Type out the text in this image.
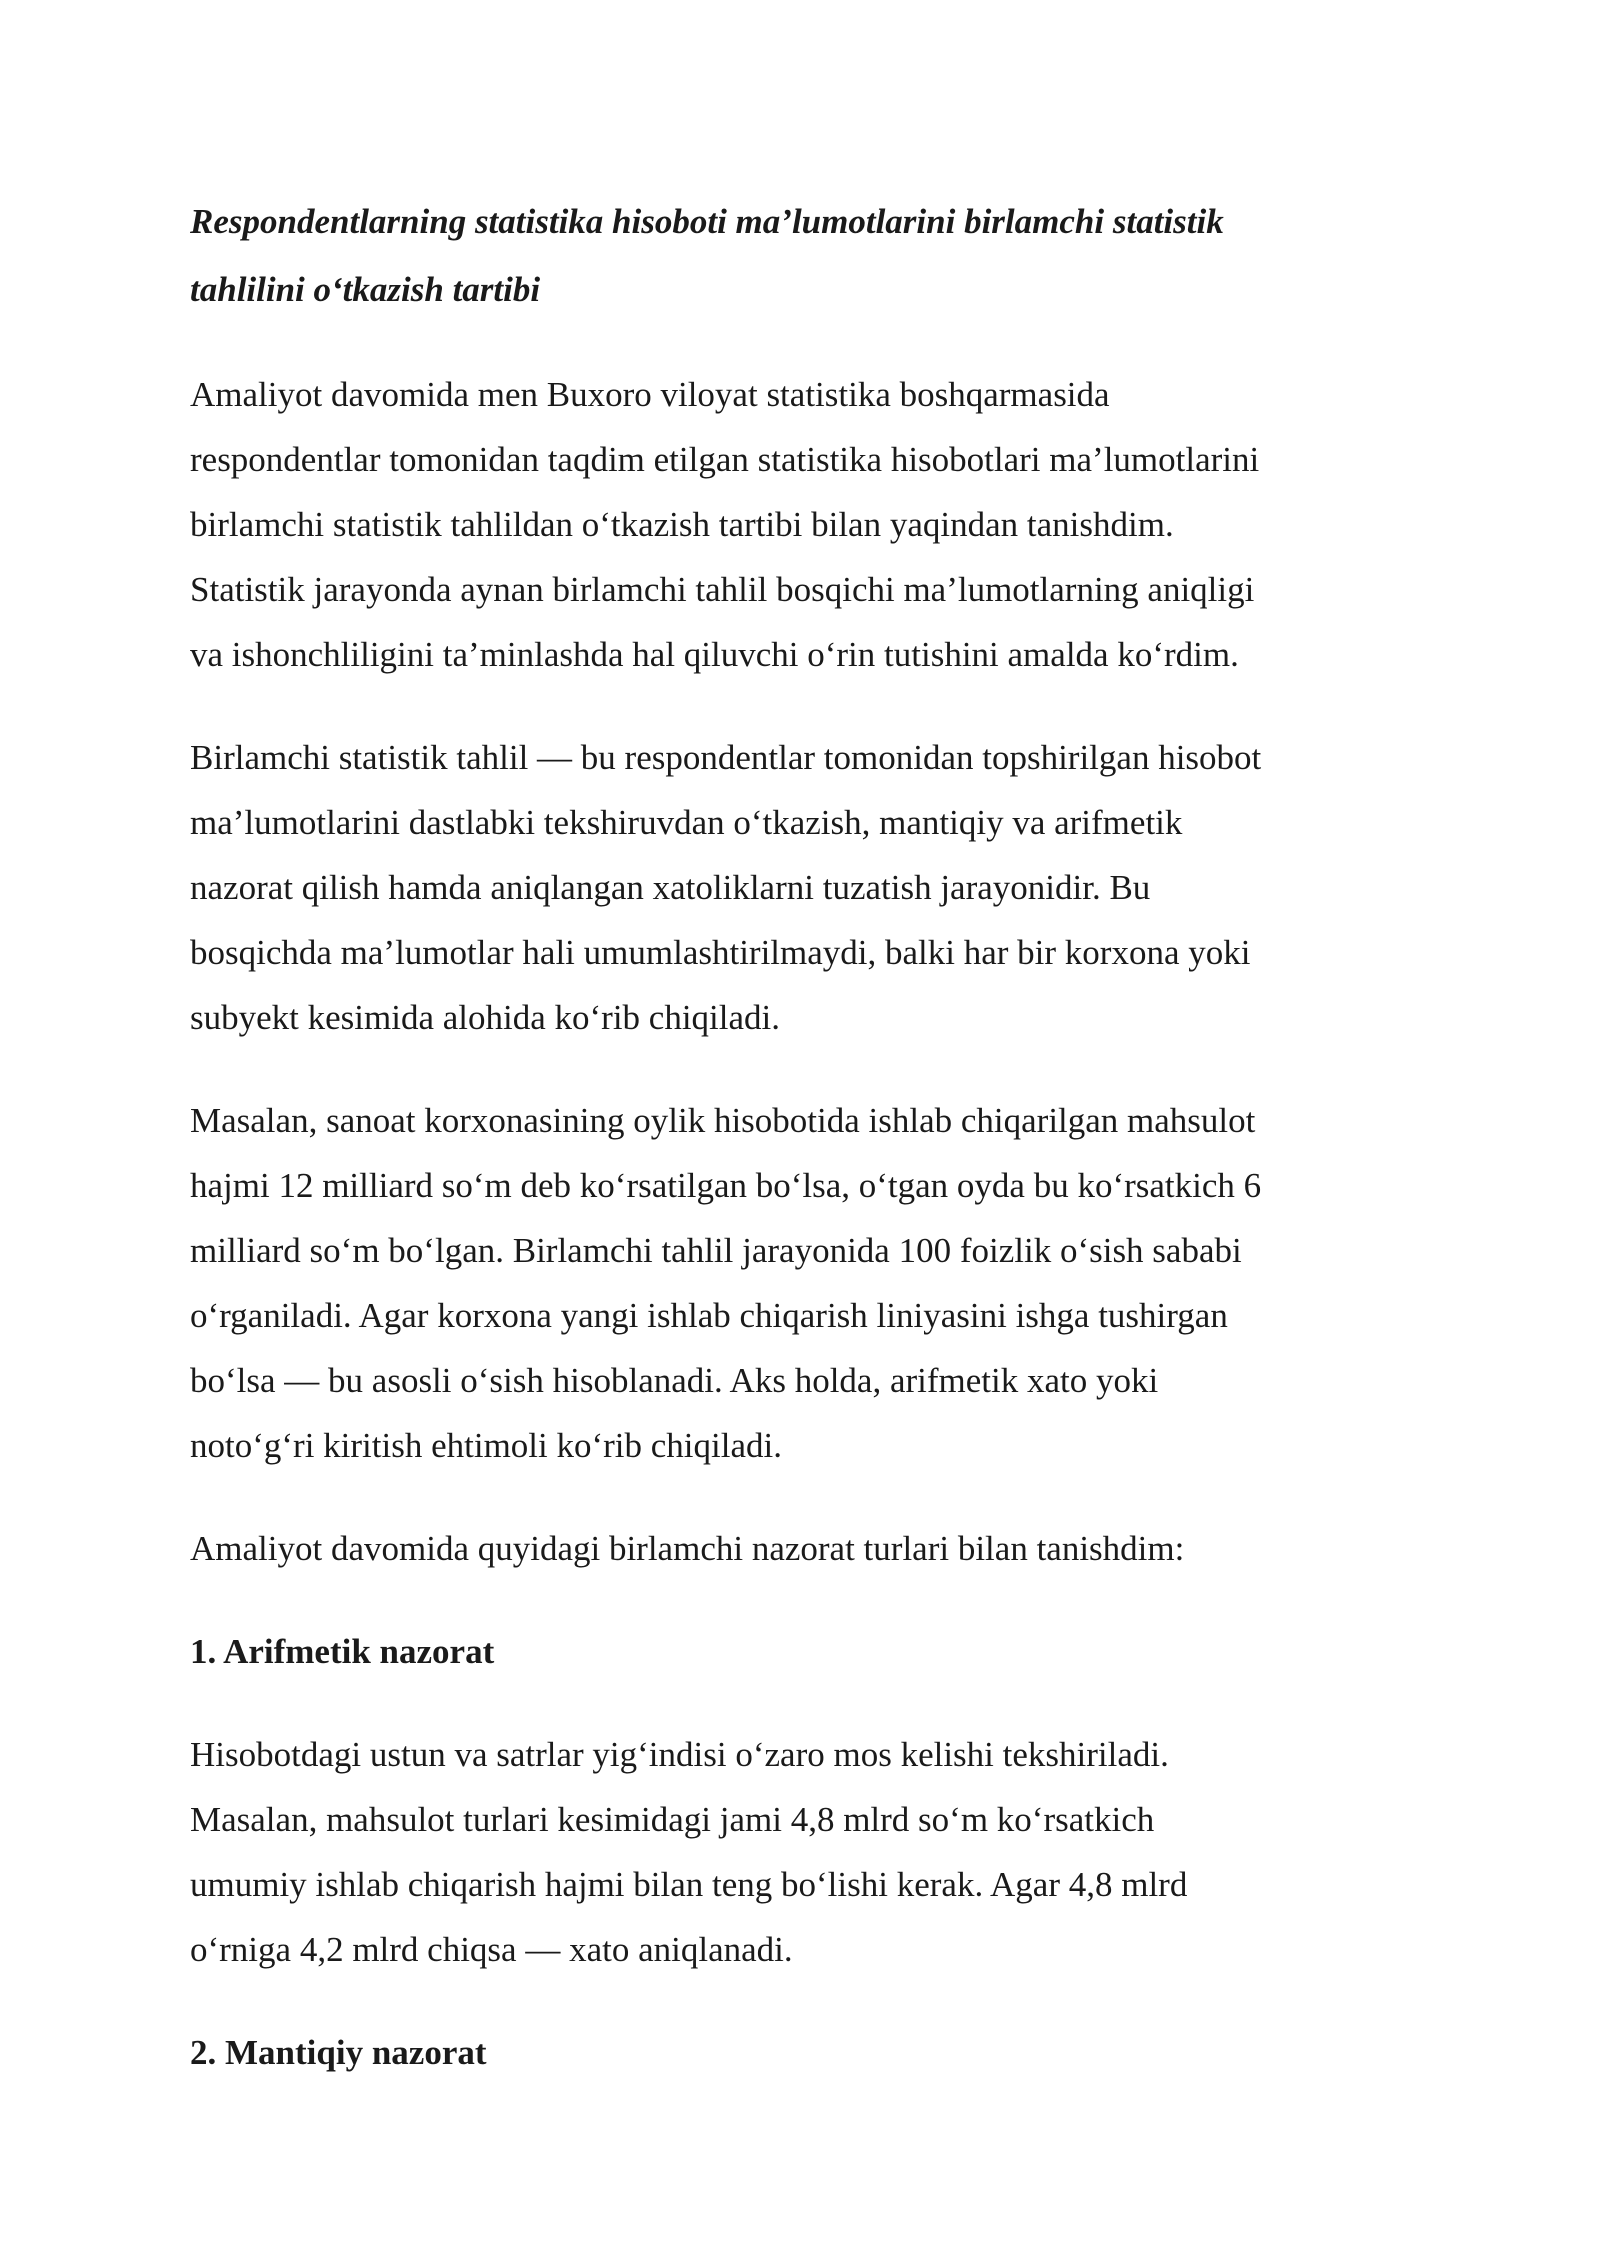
Respondentlarning statistika hisoboti ma’lumotlarini birlamchi statistik
tahlilini o‘tkazish tartibi
Amaliyot davomida men Buxoro viloyat statistika boshqarmasida
respondentlar tomonidan taqdim etilgan statistika hisobotlari ma’lumotlarini
birlamchi statistik tahlildan o‘tkazish tartibi bilan yaqindan tanishdim.
Statistik jarayonda aynan birlamchi tahlil bosqichi ma’lumotlarning aniqligi
va ishonchliligini ta’minlashda hal qiluvchi o‘rin tutishini amalda ko‘rdim.
Birlamchi statistik tahlil — bu respondentlar tomonidan topshirilgan hisobot
ma’lumotlarini dastlabki tekshiruvdan o‘tkazish, mantiqiy va arifmetik
nazorat qilish hamda aniqlangan xatoliklarni tuzatish jarayonidir. Bu
bosqichda ma’lumotlar hali umumlashtirilmaydi, balki har bir korxona yoki
subyekt kesimida alohida ko‘rib chiqiladi.
Masalan, sanoat korxonasining oylik hisobotida ishlab chiqarilgan mahsulot
hajmi 12 milliard so‘m deb ko‘rsatilgan bo‘lsa, o‘tgan oyda bu ko‘rsatkich 6
milliard so‘m bo‘lgan. Birlamchi tahlil jarayonida 100 foizlik o‘sish sababi
o‘rganiladi. Agar korxona yangi ishlab chiqarish liniyasini ishga tushirgan
bo‘lsa — bu asosli o‘sish hisoblanadi. Aks holda, arifmetik xato yoki
noto‘g‘ri kiritish ehtimoli ko‘rib chiqiladi.
Amaliyot davomida quyidagi birlamchi nazorat turlari bilan tanishdim:
1. Arifmetik nazorat
Hisobotdagi ustun va satrlar yig‘indisi o‘zaro mos kelishi tekshiriladi.
Masalan, mahsulot turlari kesimidagi jami 4,8 mlrd so‘m ko‘rsatkich
umumiy ishlab chiqarish hajmi bilan teng bo‘lishi kerak. Agar 4,8 mlrd
o‘rniga 4,2 mlrd chiqsa — xato aniqlanadi.
2. Mantiqiy nazorat
